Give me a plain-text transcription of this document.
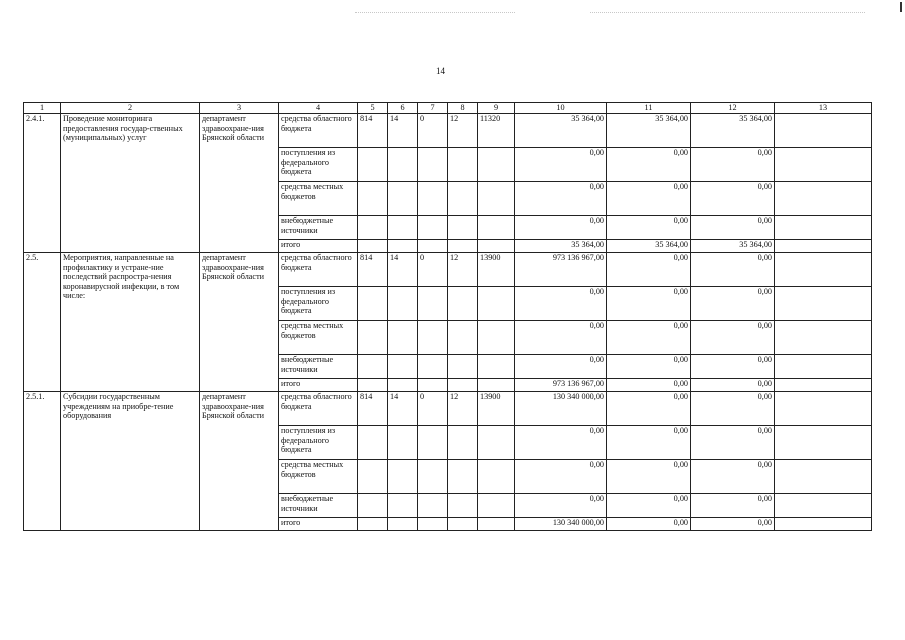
14
1	2	3	4	5	6	7	8	9	10	11	12	13
2.4.1.	Проведение мониторинга предоставления государ-ственных (муниципальных) услуг	департамент здравоохране-ния Брянской области	средства областного бюджета	814	14	0	12	11320	35 364,00	35 364,00	35 364,00	
			поступления из федерального бюджета						0,00	0,00	0,00	
			средства местных бюджетов						0,00	0,00	0,00	
			внебюджетные источники						0,00	0,00	0,00	
			итого						35 364,00	35 364,00	35 364,00	
2.5.	Мероприятия, направленные на профилактику и устране-ние последствий распростра-нения коронавирусной инфекции, в том числе:	департамент здравоохране-ния Брянской области	средства областного бюджета	814	14	0	12	13900	973 136 967,00	0,00	0,00	
			поступления из федерального бюджета						0,00	0,00	0,00	
			средства местных бюджетов						0,00	0,00	0,00	
			внебюджетные источники						0,00	0,00	0,00	
			итого						973 136 967,00	0,00	0,00	
2.5.1.	Субсидии государственным учреждениям на приобре-тение оборудования	департамент здравоохране-ния Брянской области	средства областного бюджета	814	14	0	12	13900	130 340 000,00	0,00	0,00	
			поступления из федерального бюджета						0,00	0,00	0,00	
			средства местных бюджетов						0,00	0,00	0,00	
			внебюджетные источники						0,00	0,00	0,00	
			итого						130 340 000,00	0,00	0,00	
